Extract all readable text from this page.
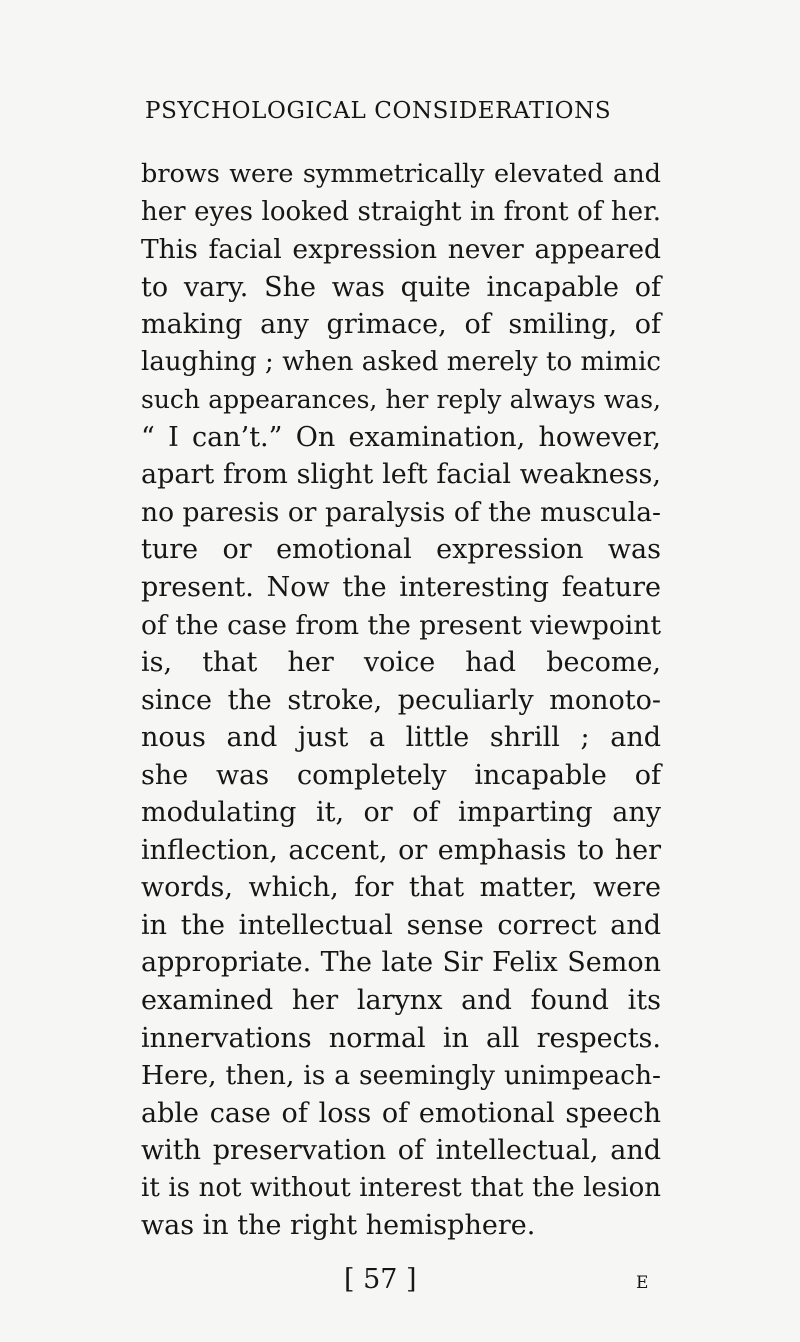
PSYCHOLOGICAL CONSIDERATIONS
brows were symmetrically elevated and
her eyes looked straight in front of her.
This facial expression never appeared
to vary. She was quite incapable of
making any grimace, of smiling, of
laughing ; when asked merely to mimic
such appearances, her reply always was,
“ I can’t.” On examination, however,
apart from slight left facial weakness,
no paresis or paralysis of the muscula-
ture or emotional expression was
present. Now the interesting feature
of the case from the present viewpoint
is, that her voice had become,
since the stroke, peculiarly monoto-
nous and just a little shrill ; and
she was completely incapable of
modulating it, or of imparting any
inflection, accent, or emphasis to her
words, which, for that matter, were
in the intellectual sense correct and
appropriate. The late Sir Felix Semon
examined her larynx and found its
innervations normal in all respects.
Here, then, is a seemingly unimpeach-
able case of loss of emotional speech
with preservation of intellectual, and
it is not without interest that the lesion
was in the right hemisphere.
[ 57 ]	E
